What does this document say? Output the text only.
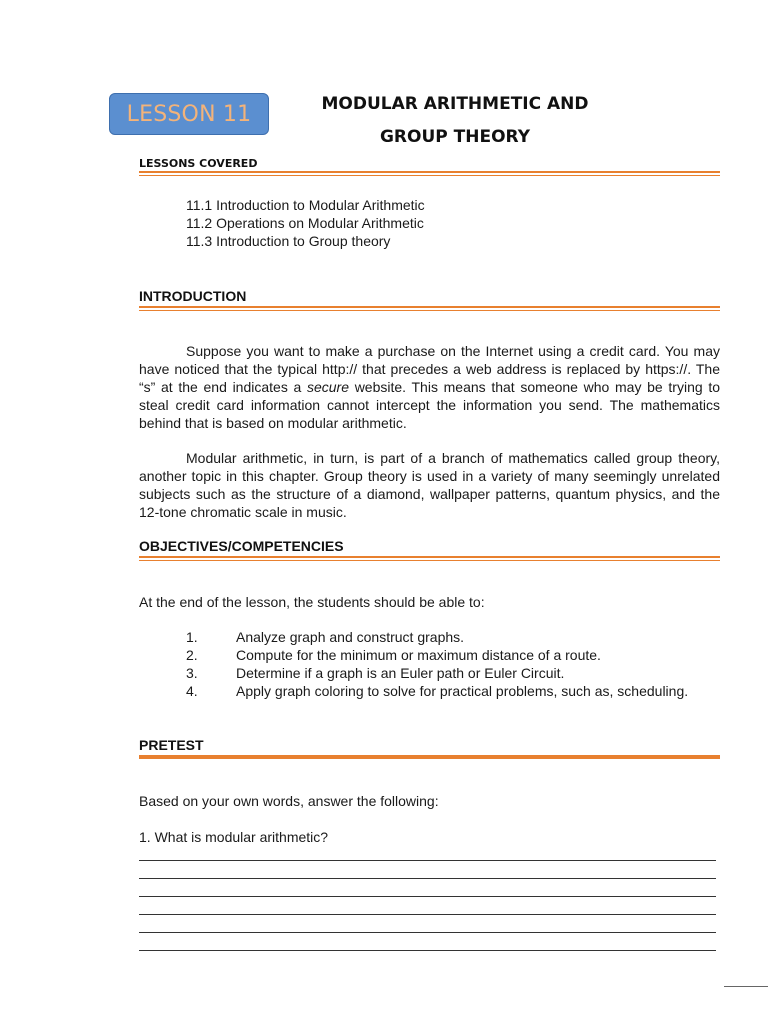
LESSON 11	MODULAR ARITHMETIC AND
GROUP THEORY
LESSONS COVERED
11.1 Introduction to Modular Arithmetic
11.2 Operations on Modular Arithmetic
11.3 Introduction to Group theory
INTRODUCTION

Suppose you want to make a purchase on the Internet using a credit card. You may have noticed that the typical http:// that precedes a web address is replaced by https://. The “s” at the end indicates a secure website. This means that someone who may be trying to steal credit card information cannot intercept the information you send. The mathematics behind that is based on modular arithmetic.

Modular arithmetic, in turn, is part of a branch of mathematics called group theory, another topic in this chapter. Group theory is used in a variety of many seemingly unrelated subjects such as the structure of a diamond, wallpaper patterns, quantum physics, and the 12-tone chromatic scale in music.

OBJECTIVES/COMPETENCIES
At the end of the lesson, the students should be able to:
1.	Analyze graph and construct graphs.
2.	Compute for the minimum or maximum distance of a route.
3.	Determine if a graph is an Euler path or Euler Circuit.
4.	Apply graph coloring to solve for practical problems, such as, scheduling.
PRETEST
Based on your own words, answer the following:
1. What is modular arithmetic?
